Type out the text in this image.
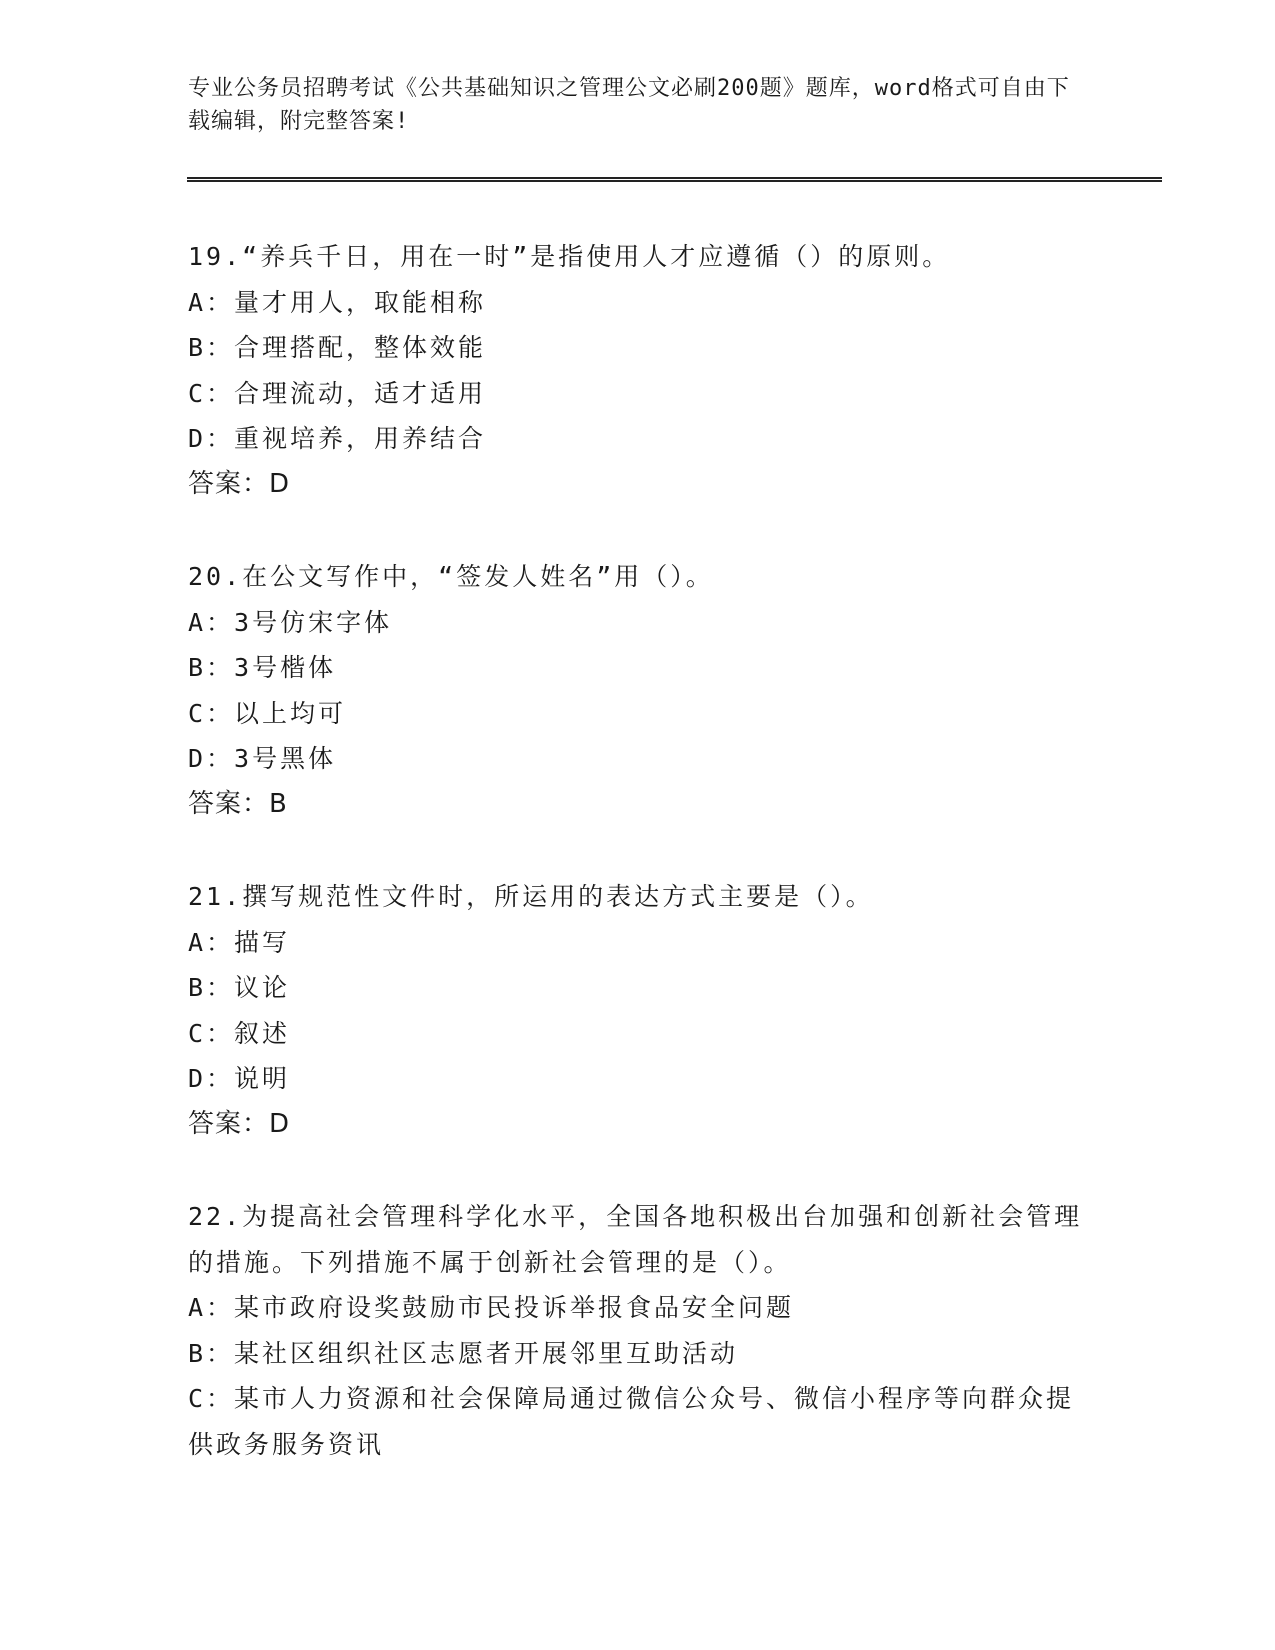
专业公务员招聘考试《公共基础知识之管理公文必刷200题》题库，word格式可自由下载编辑，附完整答案!
19.“养兵千日，用在一时”是指使用人才应遵循（）的原则。
A：量才用人，取能相称
B：合理搭配，整体效能
C：合理流动，适才适用
D：重视培养，用养结合
答案：D
20.在公文写作中，“签发人姓名”用（）。
A：3号仿宋字体
B：3号楷体
C：以上均可
D：3号黑体
答案：B
21.撰写规范性文件时，所运用的表达方式主要是（）。
A：描写
B：议论
C：叙述
D：说明
答案：D
22.为提高社会管理科学化水平，全国各地积极出台加强和创新社会管理的措施。下列措施不属于创新社会管理的是（）。
A：某市政府设奖鼓励市民投诉举报食品安全问题
B：某社区组织社区志愿者开展邻里互助活动
C：某市人力资源和社会保障局通过微信公众号、微信小程序等向群众提供政务服务资讯
